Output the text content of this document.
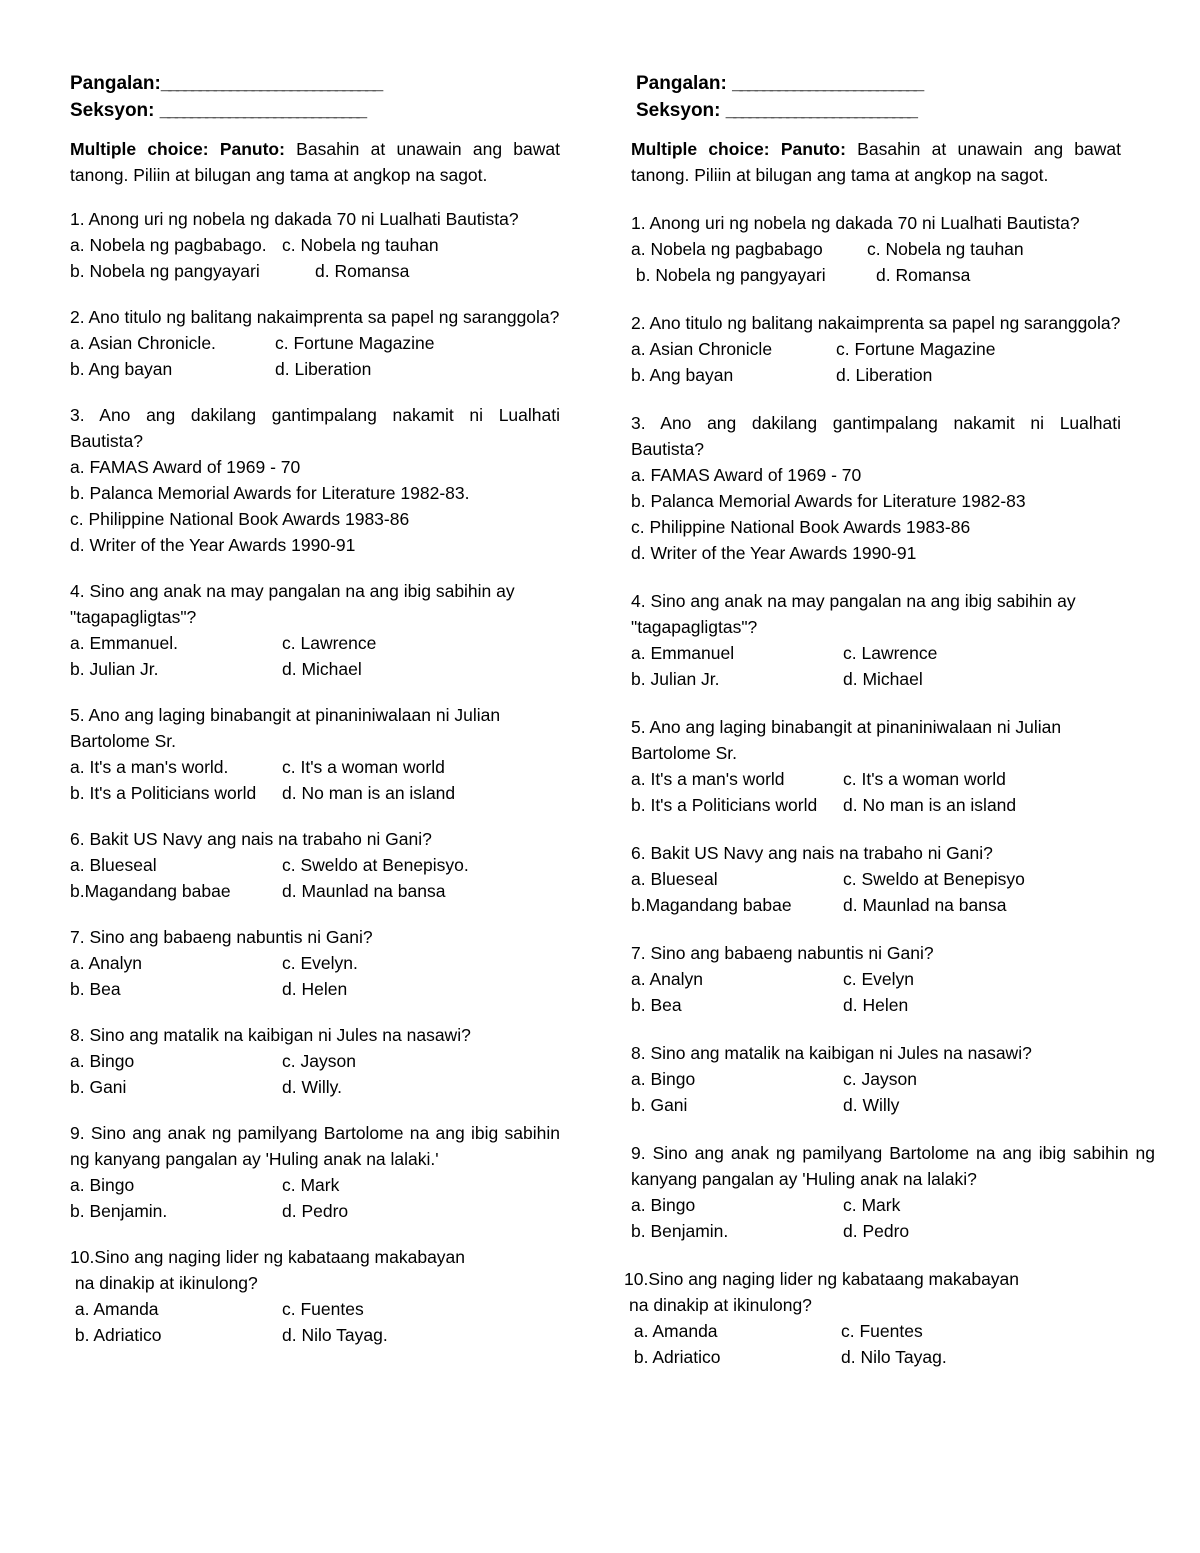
Pangalan:_____________________________

Seksyon: ___________________________

Multiple choice: Panuto: Basahin at unawain ang bawat tanong. Piliin at bilugan ang tama at angkop na sagot.

1. Anong uri ng nobela ng dakada 70 ni Lualhati Bautista?
a. Nobela ng pagbabago. c. Nobela ng tauhan
b. Nobela ng pangyayari	d. Romansa
2. Ano titulo ng balitang nakaimprenta sa papel ng saranggola?
a. Asian Chronicle.	c. Fortune Magazine
b. Ang bayan	d. Liberation
3. Ano ang dakilang gantimpalang nakamit ni Lualhati Bautista?
a. FAMAS Award of 1969 - 70
b. Palanca Memorial Awards for Literature 1982-83.
c. Philippine National Book Awards 1983-86
d. Writer of the Year Awards 1990-91
4. Sino ang anak na may pangalan na ang ibig sabihin ay "tagapagligtas"?
a. Emmanuel.	c. Lawrence
b. Julian Jr.	d. Michael
5. Ano ang laging binabangit at pinaniniwalaan ni Julian Bartolome Sr.
a. It's a man's world.	c. It's a woman world
b. It's a Politicians world	d. No man is an island
6. Bakit US Navy ang nais na trabaho ni Gani?
a. Blueseal	c. Sweldo at Benepisyo.
b.Magandang babae	d. Maunlad na bansa
7. Sino ang babaeng nabuntis ni Gani?
a. Analyn	c. Evelyn.
b. Bea	d. Helen
8. Sino ang matalik na kaibigan ni Jules na nasawi?
a. Bingo	c. Jayson
b. Gani	d. Willy.
9. Sino ang anak ng pamilyang Bartolome na ang ibig sabihin ng kanyang pangalan ay 'Huling anak na lalaki.'
a. Bingo	c. Mark
b. Benjamin.	d. Pedro
10.Sino ang naging lider ng kabataang makabayan
na dinakip at ikinulong?
a. Amanda	c. Fuentes
b. Adriatico	d. Nilo Tayag.

Pangalan: _________________________

Seksyon: _________________________

Multiple choice: Panuto: Basahin at unawain ang bawat tanong. Piliin at bilugan ang tama at angkop na sagot.

1. Anong uri ng nobela ng dakada 70 ni Lualhati Bautista?
a. Nobela ng pagbabago	c. Nobela ng tauhan
b. Nobela ng pangyayari	d. Romansa
2. Ano titulo ng balitang nakaimprenta sa papel ng saranggola?
a. Asian Chronicle	c. Fortune Magazine
b. Ang bayan	d. Liberation
3. Ano ang dakilang gantimpalang nakamit ni Lualhati Bautista?
a. FAMAS Award of 1969 - 70
b. Palanca Memorial Awards for Literature 1982-83
c. Philippine National Book Awards 1983-86
d. Writer of the Year Awards 1990-91
4. Sino ang anak na may pangalan na ang ibig sabihin ay "tagapagligtas"?
a. Emmanuel	c. Lawrence
b. Julian Jr.	d. Michael
5. Ano ang laging binabangit at pinaniniwalaan ni Julian Bartolome Sr.
a. It's a man's world	c. It's a woman world
b. It's a Politicians world	d. No man is an island
6. Bakit US Navy ang nais na trabaho ni Gani?
a. Blueseal	c. Sweldo at Benepisyo
b.Magandang babae	d. Maunlad na bansa
7. Sino ang babaeng nabuntis ni Gani?
a. Analyn	c. Evelyn
b. Bea	d. Helen
8. Sino ang matalik na kaibigan ni Jules na nasawi?
a. Bingo	c. Jayson
b. Gani	d. Willy
9. Sino ang anak ng pamilyang Bartolome na ang ibig sabihin ng kanyang pangalan ay 'Huling anak na lalaki?
a. Bingo	c. Mark
b. Benjamin.	d. Pedro
10.Sino ang naging lider ng kabataang makabayan
na dinakip at ikinulong?
a. Amanda	c. Fuentes
b. Adriatico	d. Nilo Tayag.
